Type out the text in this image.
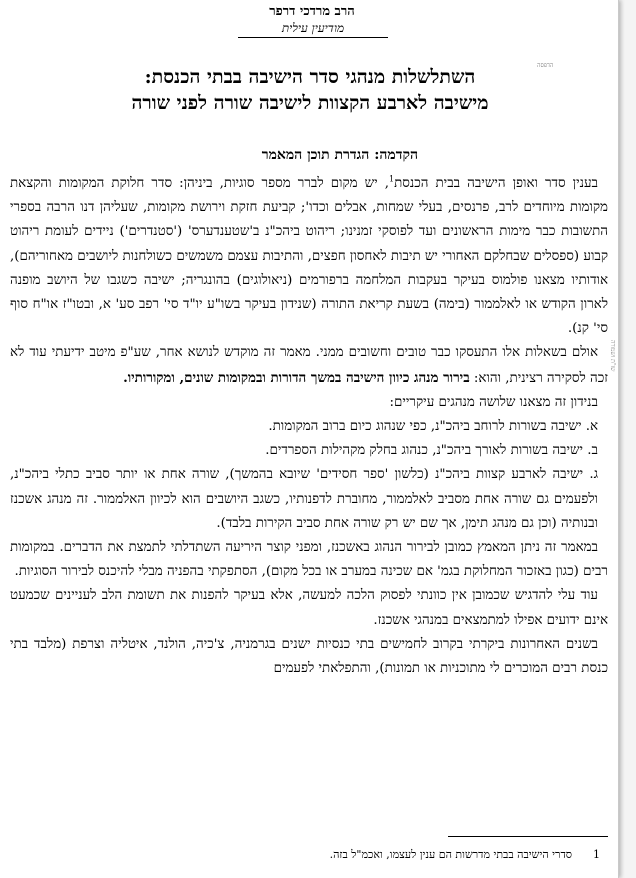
הרב מרדכי דרפר
מודיעין עילית
הדפסה
השתלשלות מנהגי סדר הישיבה בבתי הכנסת:
מישיבה לארבע הקצוות לישיבה שורה לפני שורה
הקדמה: הגדרת תוכן המאמר
שו"ת ושמורה

בענין סדר ואופן הישיבה בבית הכנסת$^1$, יש מקום לברר מספר סוגיות, ביניהן: סדר חלוקת המקומות והקצאת מקומות מיוחדים לרב, פרנסים, בעלי שמחות, אבלים וכדו'; קביעת חזקת וירושת מקומות, שעליהן דנו הרבה בספרי התשובות כבר מימות הראשונים ועד לפוסקי זמנינו; ריהוט ביהכ"נ ב'שטענדערס' ('סטנדרים') ניידים לעומת ריהוט קבוע (ספסלים שבחלקם האחורי יש תיבות לאחסון חפצים, והתיבות עצמם משמשים כשולחנות ליושבים מאחוריהם), אודותיו מצאנו פולמוס בעיקר בעקבות המלחמה ברפורמים (ניאולוגים) בהונגריה; ישיבה כשגבו של היושב מופנה לארון הקודש או לאלממור (בימה) בשעת קריאת התורה (שנידון בעיקר בשו"ע יו"ד סי' רפב סע' א, ובטו"ז או"ח סוף סי' קנ).

אולם בשאלות אלו התעסקו כבר טובים וחשובים ממני. מאמר זה מוקדש לנושא אחר, שע"פ מיטב ידיעתי עוד לא זכה לסקירה רצינית, והוא: בירור מנהג כיוון הישיבה במשך הדורות ובמקומות שונים, ומקורותיו.

בנידון זה מצאנו שלושה מנהגים עיקריים:

א. ישיבה בשורות לרוחב ביהכ"נ, כפי שנהוג כיום ברוב המקומות.

ב. ישיבה בשורות לאורך ביהכ"נ, כנהוג בחלק מקהילות הספרדים.

ג. ישיבה לארבע קצוות ביהכ"נ (כלשון 'ספר חסידים' שיובא בהמשך), שורה אחת או יותר סביב כתלי ביהכ"נ, ולפעמים גם שורה אחת מסביב לאלממור, מחוברת לדפנותיו, כשגב היושבים הוא לכיוון האלממור. זה מנהג אשכנז ובנותיה (וכן גם מנהג תימן, אך שם יש רק שורה אחת סביב הקירות בלבד).

במאמר זה ניתן המאמץ כמובן לבירור הנהוג באשכנז, ומפני קוצר היריעה השתדלתי לתמצת את הדברים. במקומות רבים (כגון באזכור המחלוקת בגמ' אם שכינה במערב או בכל מקום), הסתפקתי בהפניה מבלי להיכנס לבירור הסוגיות.

עוד עלי להדגיש שכמובן אין כוונתי לפסוק הלכה למעשה, אלא בעיקר להפנות את תשומת הלב לעניינים שכמעט אינם ידועים אפילו למתמצאים במנהגי אשכנז.

בשנים האחרונות ביקרתי בקרוב לחמישים בתי כנסיות ישנים בגרמניה, צ'כיה, הולנד, איטליה וצרפת (מלבד בתי כנסת רבים המוכרים לי מתוכניות או תמונות), והתפלאתי לפעמים

1
סדרי הישיבה בבתי מדרשות הם ענין לעצמו, ואכמ"ל בזה.
